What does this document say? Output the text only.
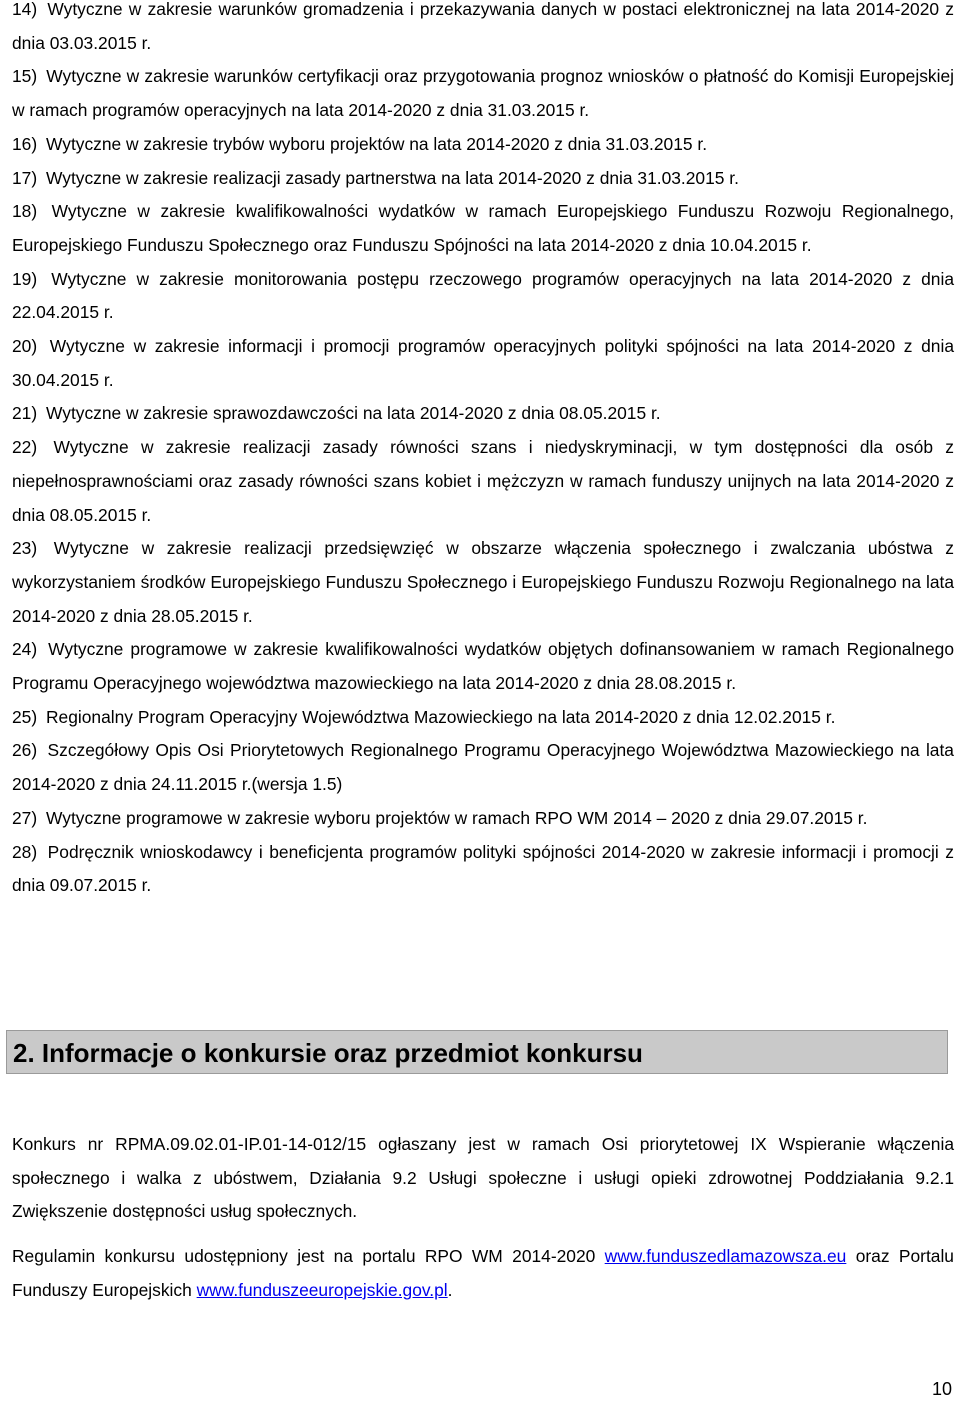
14) Wytyczne w zakresie warunków gromadzenia i przekazywania danych w postaci elektronicznej na lata 2014-2020 z dnia 03.03.2015 r.
15) Wytyczne w zakresie warunków certyfikacji oraz przygotowania prognoz wniosków o płatność do Komisji Europejskiej w ramach programów operacyjnych na lata 2014-2020 z dnia 31.03.2015 r.
16) Wytyczne w zakresie trybów wyboru projektów na lata 2014-2020 z dnia 31.03.2015 r.
17) Wytyczne w zakresie realizacji zasady partnerstwa na lata 2014-2020 z dnia 31.03.2015 r.
18) Wytyczne w zakresie kwalifikowalności wydatków w ramach Europejskiego Funduszu Rozwoju Regionalnego, Europejskiego Funduszu Społecznego oraz Funduszu Spójności na lata 2014-2020 z dnia 10.04.2015 r.
19) Wytyczne w zakresie monitorowania postępu rzeczowego programów operacyjnych na lata 2014-2020 z dnia 22.04.2015 r.
20) Wytyczne w zakresie informacji i promocji programów operacyjnych polityki spójności na lata 2014-2020 z dnia 30.04.2015 r.
21) Wytyczne w zakresie sprawozdawczości na lata 2014-2020 z dnia 08.05.2015 r.
22) Wytyczne w zakresie realizacji zasady równości szans i niedyskryminacji, w tym dostępności dla osób z niepełnosprawnościami oraz zasady równości szans kobiet i mężczyzn w ramach funduszy unijnych na lata 2014-2020 z dnia 08.05.2015 r.
23) Wytyczne w zakresie realizacji przedsięwzięć w obszarze włączenia społecznego i zwalczania ubóstwa z wykorzystaniem środków Europejskiego Funduszu Społecznego i Europejskiego Funduszu Rozwoju Regionalnego na lata 2014-2020 z dnia 28.05.2015 r.
24) Wytyczne programowe w zakresie kwalifikowalności wydatków objętych dofinansowaniem w ramach Regionalnego Programu Operacyjnego województwa mazowieckiego na lata 2014-2020 z dnia 28.08.2015 r.
25) Regionalny Program Operacyjny Województwa Mazowieckiego na lata 2014-2020 z dnia 12.02.2015 r.
26) Szczegółowy Opis Osi Priorytetowych Regionalnego Programu Operacyjnego Województwa Mazowieckiego na lata 2014-2020 z dnia 24.11.2015 r.(wersja 1.5)
27) Wytyczne programowe w zakresie wyboru projektów w ramach RPO WM 2014 – 2020 z dnia 29.07.2015 r.
28) Podręcznik wnioskodawcy i beneficjenta programów polityki spójności 2014-2020 w zakresie informacji i promocji z dnia 09.07.2015 r.
2. Informacje o konkursie oraz przedmiot konkursu

Konkurs nr RPMA.09.02.01-IP.01-14-012/15 ogłaszany jest w ramach Osi priorytetowej IX Wspieranie włączenia społecznego i walka z ubóstwem, Działania 9.2 Usługi społeczne i usługi opieki zdrowotnej Poddziałania 9.2.1 Zwiększenie dostępności usług społecznych.

Regulamin konkursu udostępniony jest na portalu RPO WM 2014-2020 www.funduszedlamazowsza.eu oraz Portalu Funduszy Europejskich www.funduszeeuropejskie.gov.pl.

10
